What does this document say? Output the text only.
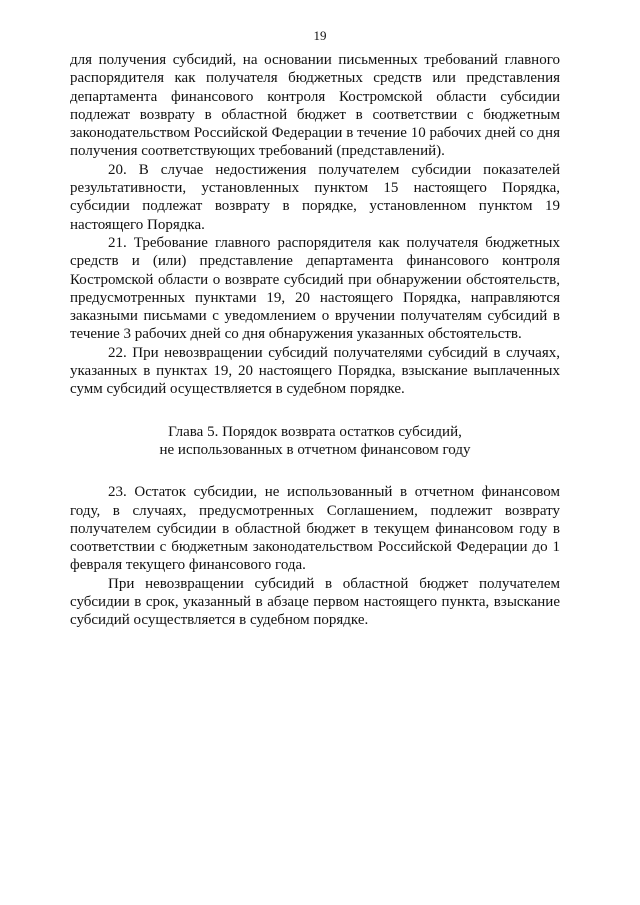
19

для получения субсидий, на основании письменных требований главного распорядителя как получателя бюджетных средств или представления департамента финансового контроля Костромской области субсидии подлежат возврату в областной бюджет в соответствии с бюджетным законодательством Российской Федерации в течение 10 рабочих дней со дня получения соответствующих требований (представлений).

20. В случае недостижения получателем субсидии показателей результативности, установленных пунктом 15 настоящего Порядка, субсидии подлежат возврату в порядке, установленном пунктом 19 настоящего Порядка.

21. Требование главного распорядителя как получателя бюджетных средств и (или) представление департамента финансового контроля Костромской области о возврате субсидий при обнаружении обстоятельств, предусмотренных пунктами 19, 20 настоящего Порядка, направляются заказными письмами с уведомлением о вручении получателям субсидий в течение 3 рабочих дней со дня обнаружения указанных обстоятельств.

22. При невозвращении субсидий получателями субсидий в случаях, указанных в пунктах 19, 20 настоящего Порядка, взыскание выплаченных сумм субсидий осуществляется в судебном порядке.

Глава 5. Порядок возврата остатков субсидий,
не использованных в отчетном финансовом году

23. Остаток субсидии, не использованный в отчетном финансовом году, в случаях, предусмотренных Соглашением, подлежит возврату получателем субсидии в областной бюджет в текущем финансовом году в соответствии с бюджетным законодательством Российской Федерации до 1 февраля текущего финансового года.

При невозвращении субсидий в областной бюджет получателем субсидии в срок, указанный в абзаце первом настоящего пункта, взыскание субсидий осуществляется в судебном порядке.
